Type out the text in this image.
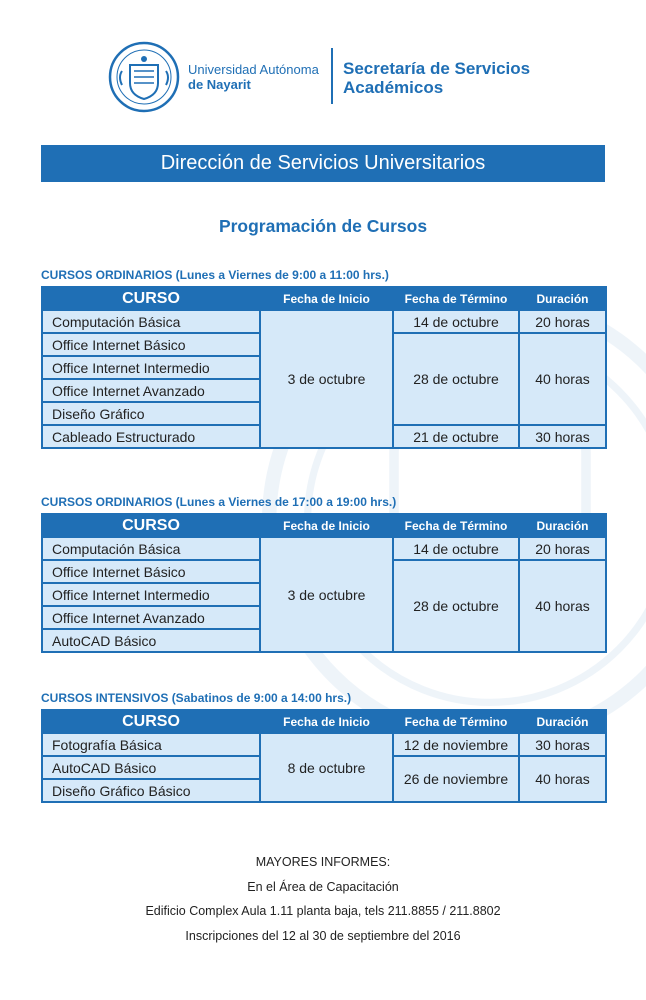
Universidad Autónoma
de Nayarit
Secretaría de Servicios
Académicos
Dirección de Servicios Universitarios
Programación de Cursos
CURSOS ORDINARIOS (Lunes a Viernes de 9:00 a 11:00 hrs.)
CURSO	Fecha de Inicio	Fecha de Término	Duración
Computación Básica	3 de octubre	14 de octubre	20 horas
Office Internet Básico		28 de octubre	40 horas
Office Internet Intermedio			
Office Internet Avanzado			
Diseño Gráfico			
Cableado Estructurado		21 de octubre	30 horas
CURSOS ORDINARIOS (Lunes a Viernes de 17:00 a 19:00 hrs.)
CURSO	Fecha de Inicio	Fecha de Término	Duración
Computación Básica	3 de octubre	14 de octubre	20 horas
Office Internet Básico		28 de octubre	40 horas
Office Internet Intermedio			
Office Internet Avanzado			
AutoCAD Básico			
CURSOS INTENSIVOS (Sabatinos de 9:00 a 14:00 hrs.)
CURSO	Fecha de Inicio	Fecha de Término	Duración
Fotografía Básica	8 de octubre	12 de noviembre	30 horas
AutoCAD Básico		26 de noviembre	40 horas
Diseño Gráfico Básico			
MAYORES INFORMES:
En el Área de Capacitación
Edificio Complex Aula 1.11 planta baja, tels 211.8855 / 211.8802
Inscripciones del 12 al 30 de septiembre del 2016
